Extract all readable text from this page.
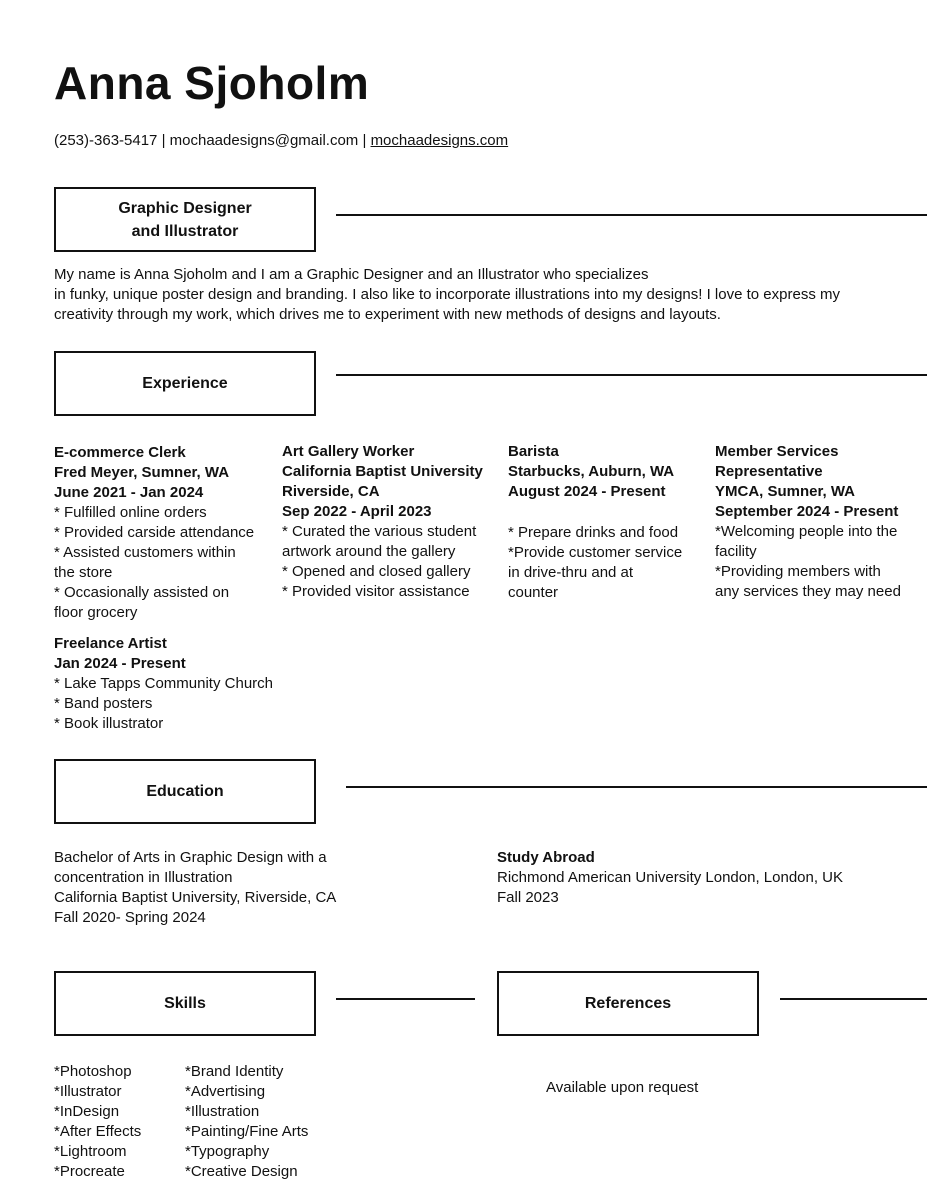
Anna Sjoholm
(253)-363-5417 | mochaadesigns@gmail.com | mochaadesigns.com
Graphic Designer
and Illustrator
My name is Anna Sjoholm and I am a Graphic Designer and an Illustrator who specializes
in funky, unique poster design and branding. I also like to incorporate illustrations into my designs! I love to express my
creativity through my work, which drives me to experiment with new methods of designs and layouts.
Experience
E-commerce Clerk
Fred Meyer, Sumner, WA
June 2021 - Jan 2024
* Fulfilled online orders
* Provided carside attendance
* Assisted customers within
the store
* Occasionally assisted on
floor grocery
Art Gallery Worker
California Baptist University
Riverside, CA
Sep 2022 - April 2023
* Curated the various student
artwork around the gallery
* Opened and closed gallery
* Provided visitor assistance
Barista
Starbucks, Auburn, WA
August 2024 - Present
* Prepare drinks and food
*Provide customer service
in drive-thru and at
counter
Member Services
Representative
YMCA, Sumner, WA
September 2024 - Present
*Welcoming people into the
facility
*Providing members with
any services they may need
Freelance Artist
Jan 2024 - Present
* Lake Tapps Community Church
* Band posters
* Book illustrator
Education
Bachelor of Arts in Graphic Design with a
concentration in Illustration
California Baptist University, Riverside, CA
Fall 2020- Spring 2024
Study Abroad
Richmond American University London, London, UK
Fall 2023
Skills
*Photoshop
*Illustrator
*InDesign
*After Effects
*Lightroom
*Procreate
*Brand Identity
*Advertising
*Illustration
*Painting/Fine Arts
*Typography
*Creative Design
References
Available upon request
